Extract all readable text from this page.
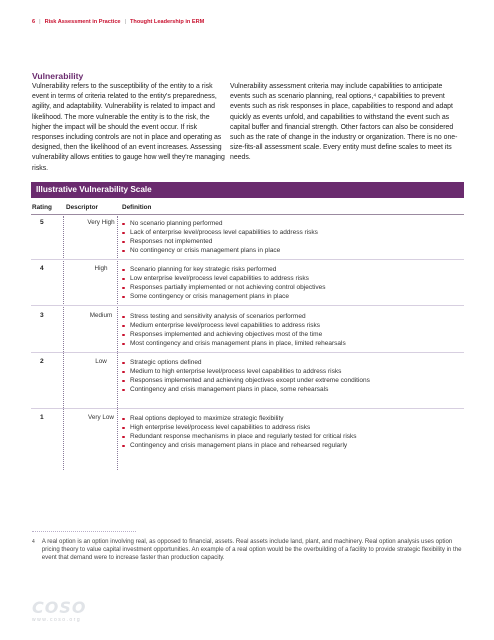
6 | Risk Assessment in Practice | Thought Leadership in ERM
Vulnerability

Vulnerability refers to the susceptibility of the entity to a risk event in terms of criteria related to the entity's preparedness, agility, and adaptability. Vulnerability is related to impact and likelihood. The more vulnerable the entity is to the risk, the higher the impact will be should the event occur. If risk responses including controls are not in place and operating as designed, then the likelihood of an event increases. Assessing vulnerability allows entities to gauge how well they're managing risks.

Vulnerability assessment criteria may include capabilities to anticipate events such as scenario planning, real options,⁴ capabilities to prevent events such as risk responses in place, capabilities to respond and adapt quickly as events unfold, and capabilities to withstand the event such as capital buffer and financial strength. Other factors can also be considered such as the rate of change in the industry or organization. There is no one-size-fits-all assessment scale. Every entity must define scales to meet its needs.

Illustrative Vulnerability Scale
Rating Descriptor	Definition
5	Very High	No scenario planning performed
Lack of enterprise level/process level capabilities to address risks
Responses not implemented
No contingency or crisis management plans in place
4	High	Scenario planning for key strategic risks performed
Low enterprise level/process level capabilities to address risks
Responses partially implemented or not achieving control objectives
Some contingency or crisis management plans in place
3	Medium	Stress testing and sensitivity analysis of scenarios performed
Medium enterprise level/process level capabilities to address risks
Responses implemented and achieving objectives most of the time
Most contingency and crisis management plans in place, limited rehearsals
2	Low	Strategic options defined
Medium to high enterprise level/process level capabilities to address risks
Responses implemented and achieving objectives except under extreme conditions
Contingency and crisis management plans in place, some rehearsals
1	Very Low	Real options deployed to maximize strategic flexibility
High enterprise level/process level capabilities to address risks
Redundant response mechanisms in place and regularly tested for critical risks
Contingency and crisis management plans in place and rehearsed regularly
$^4$ A real option is an option involving real, as opposed to financial, assets. Real assets include land, plant, and machinery. Real option analysis uses option pricing theory to value capital investment opportunities. An example of a real option would be the overbuilding of a facility to provide strategic flexibility in the event that demand were to increase faster than production capacity.
COSO
www.coso.org
